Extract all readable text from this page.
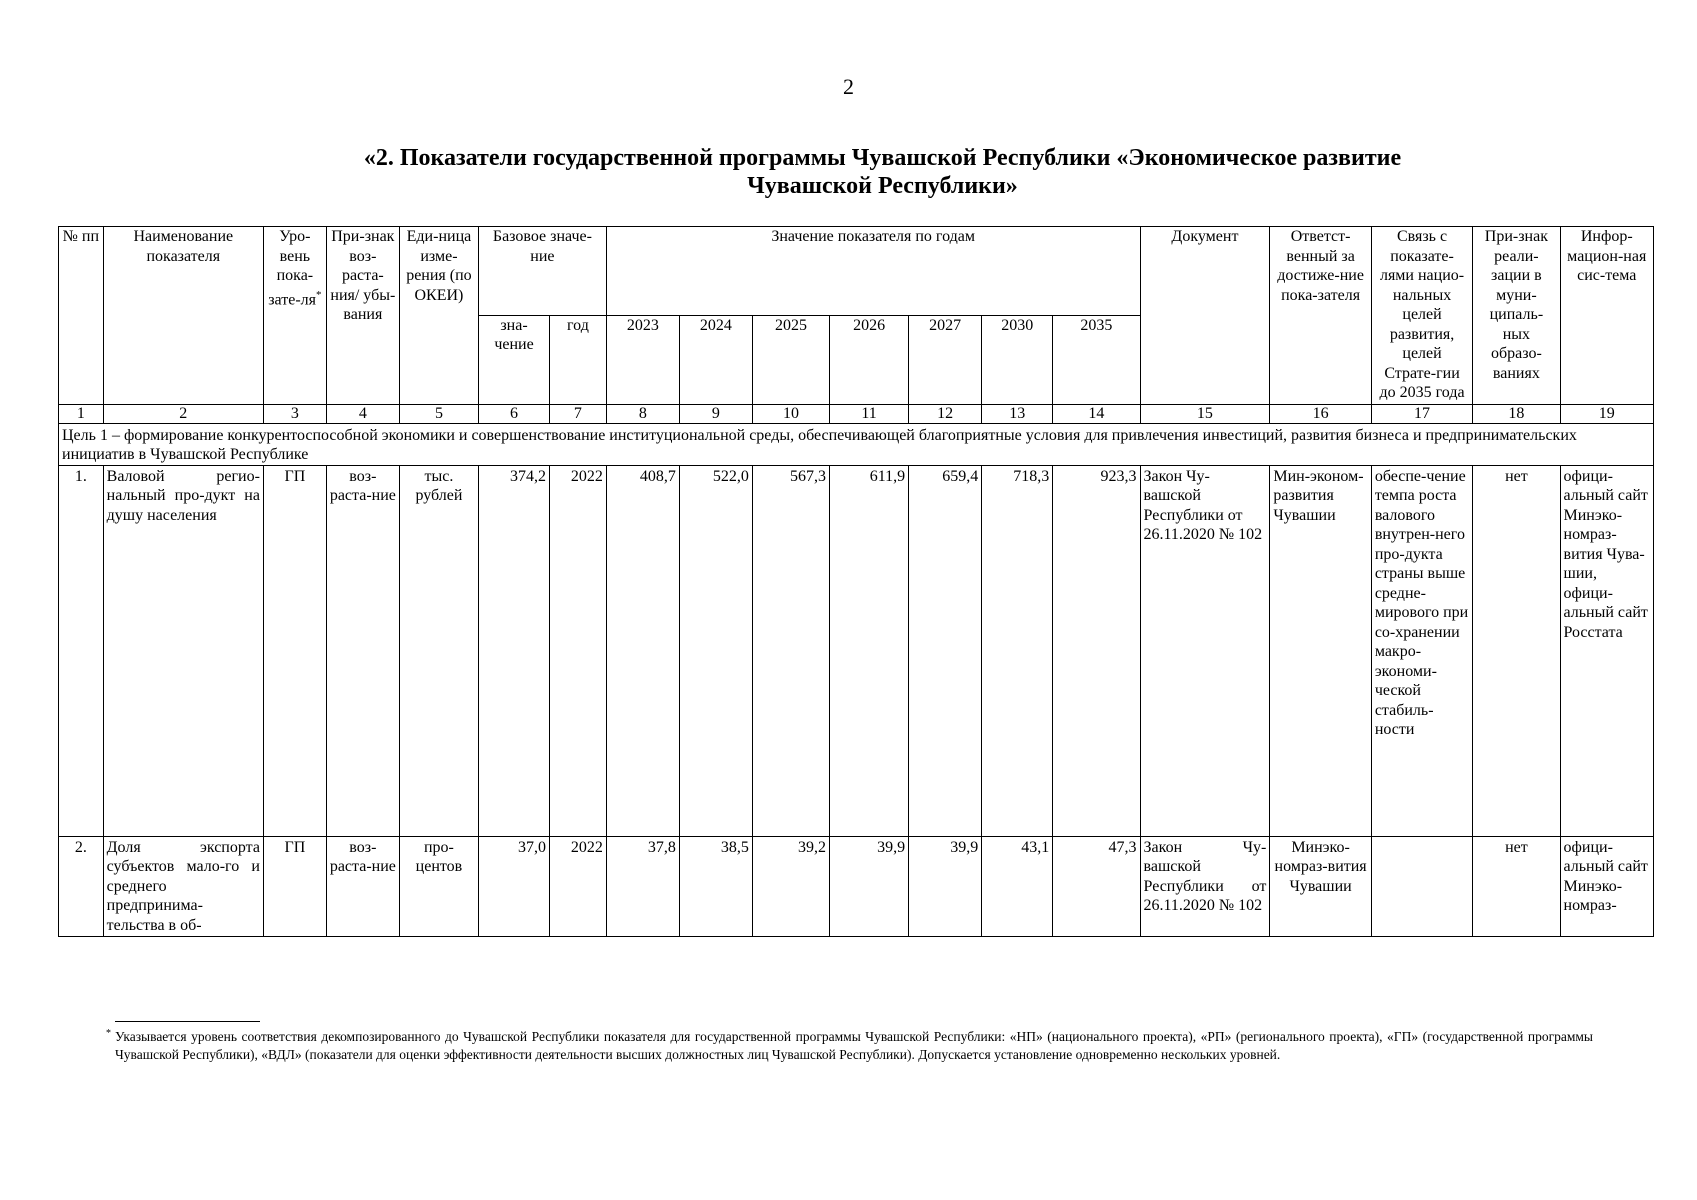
2
«2. Показатели государственной программы Чувашской Республики «Экономическое развитие Чувашской Республики»
№ пп	Наименование показателя	Уро-вень пока-зате-ля*	При-знак воз-раста-ния/ убы-вания	Еди-ница изме-рения (по ОКЕИ)	Базовое значе-ние		Значение показателя по годам							Документ	Ответст-венный за достиже-ние пока-зателя	Связь с показате-лями нацио-нальных целей развития, целей Страте-гии до 2035 года	При-знак реали-зации в муни-ципаль-ных образо-ваниях	Инфор-мацион-ная сис-тема
					зна-чение	год	2023	2024	2025	2026	2027	2030	2035					
1	2	3	4	5	6	7	8	9	10	11	12	13	14	15	16	17	18	19
Цель 1 – формирование конкурентоспособной экономики и совершенствование институциональной среды, обеспечивающей благоприятные условия для привлечения инвестиций, развития бизнеса и предпринимательских инициатив в Чувашской Республике																		
1.	Валовой регио-нальный про-дукт на душу населения	ГП	воз-раста-ние	тыс. рублей	374,2	2022	408,7	522,0	567,3	611,9	659,4	718,3	923,3	Закон Чу-вашской Республики от 26.11.2020 № 102	Мин-эконом-развития Чувашии	обеспе-чение темпа роста валового внутрен-него про-дукта страны выше средне-мирового при со-хранении макро-экономи-ческой стабиль-ности	нет	офици-альный сайт Минэко-номраз-вития Чува-шии, офици-альный сайт Росстата
2.	Доля экспорта субъектов мало-го и среднего предпринима-тельства в об-	ГП	воз-раста-ние	про-центов	37,0	2022	37,8	38,5	39,2	39,9	39,9	43,1	47,3	Закон Чу-вашской Республики от 26.11.2020 № 102	Минэко-номраз-вития Чувашии		нет	офици-альный сайт Минэко-номраз-
* Указывается уровень соответствия декомпозированного до Чувашской Республики показателя для государственной программы Чувашской Республики: «НП» (национального проекта), «РП» (регионального проекта), «ГП» (государственной программы Чувашской Республики), «ВДЛ» (показатели для оценки эффективности деятельности высших должностных лиц Чувашской Республики). Допускается установление одновременно нескольких уровней.
